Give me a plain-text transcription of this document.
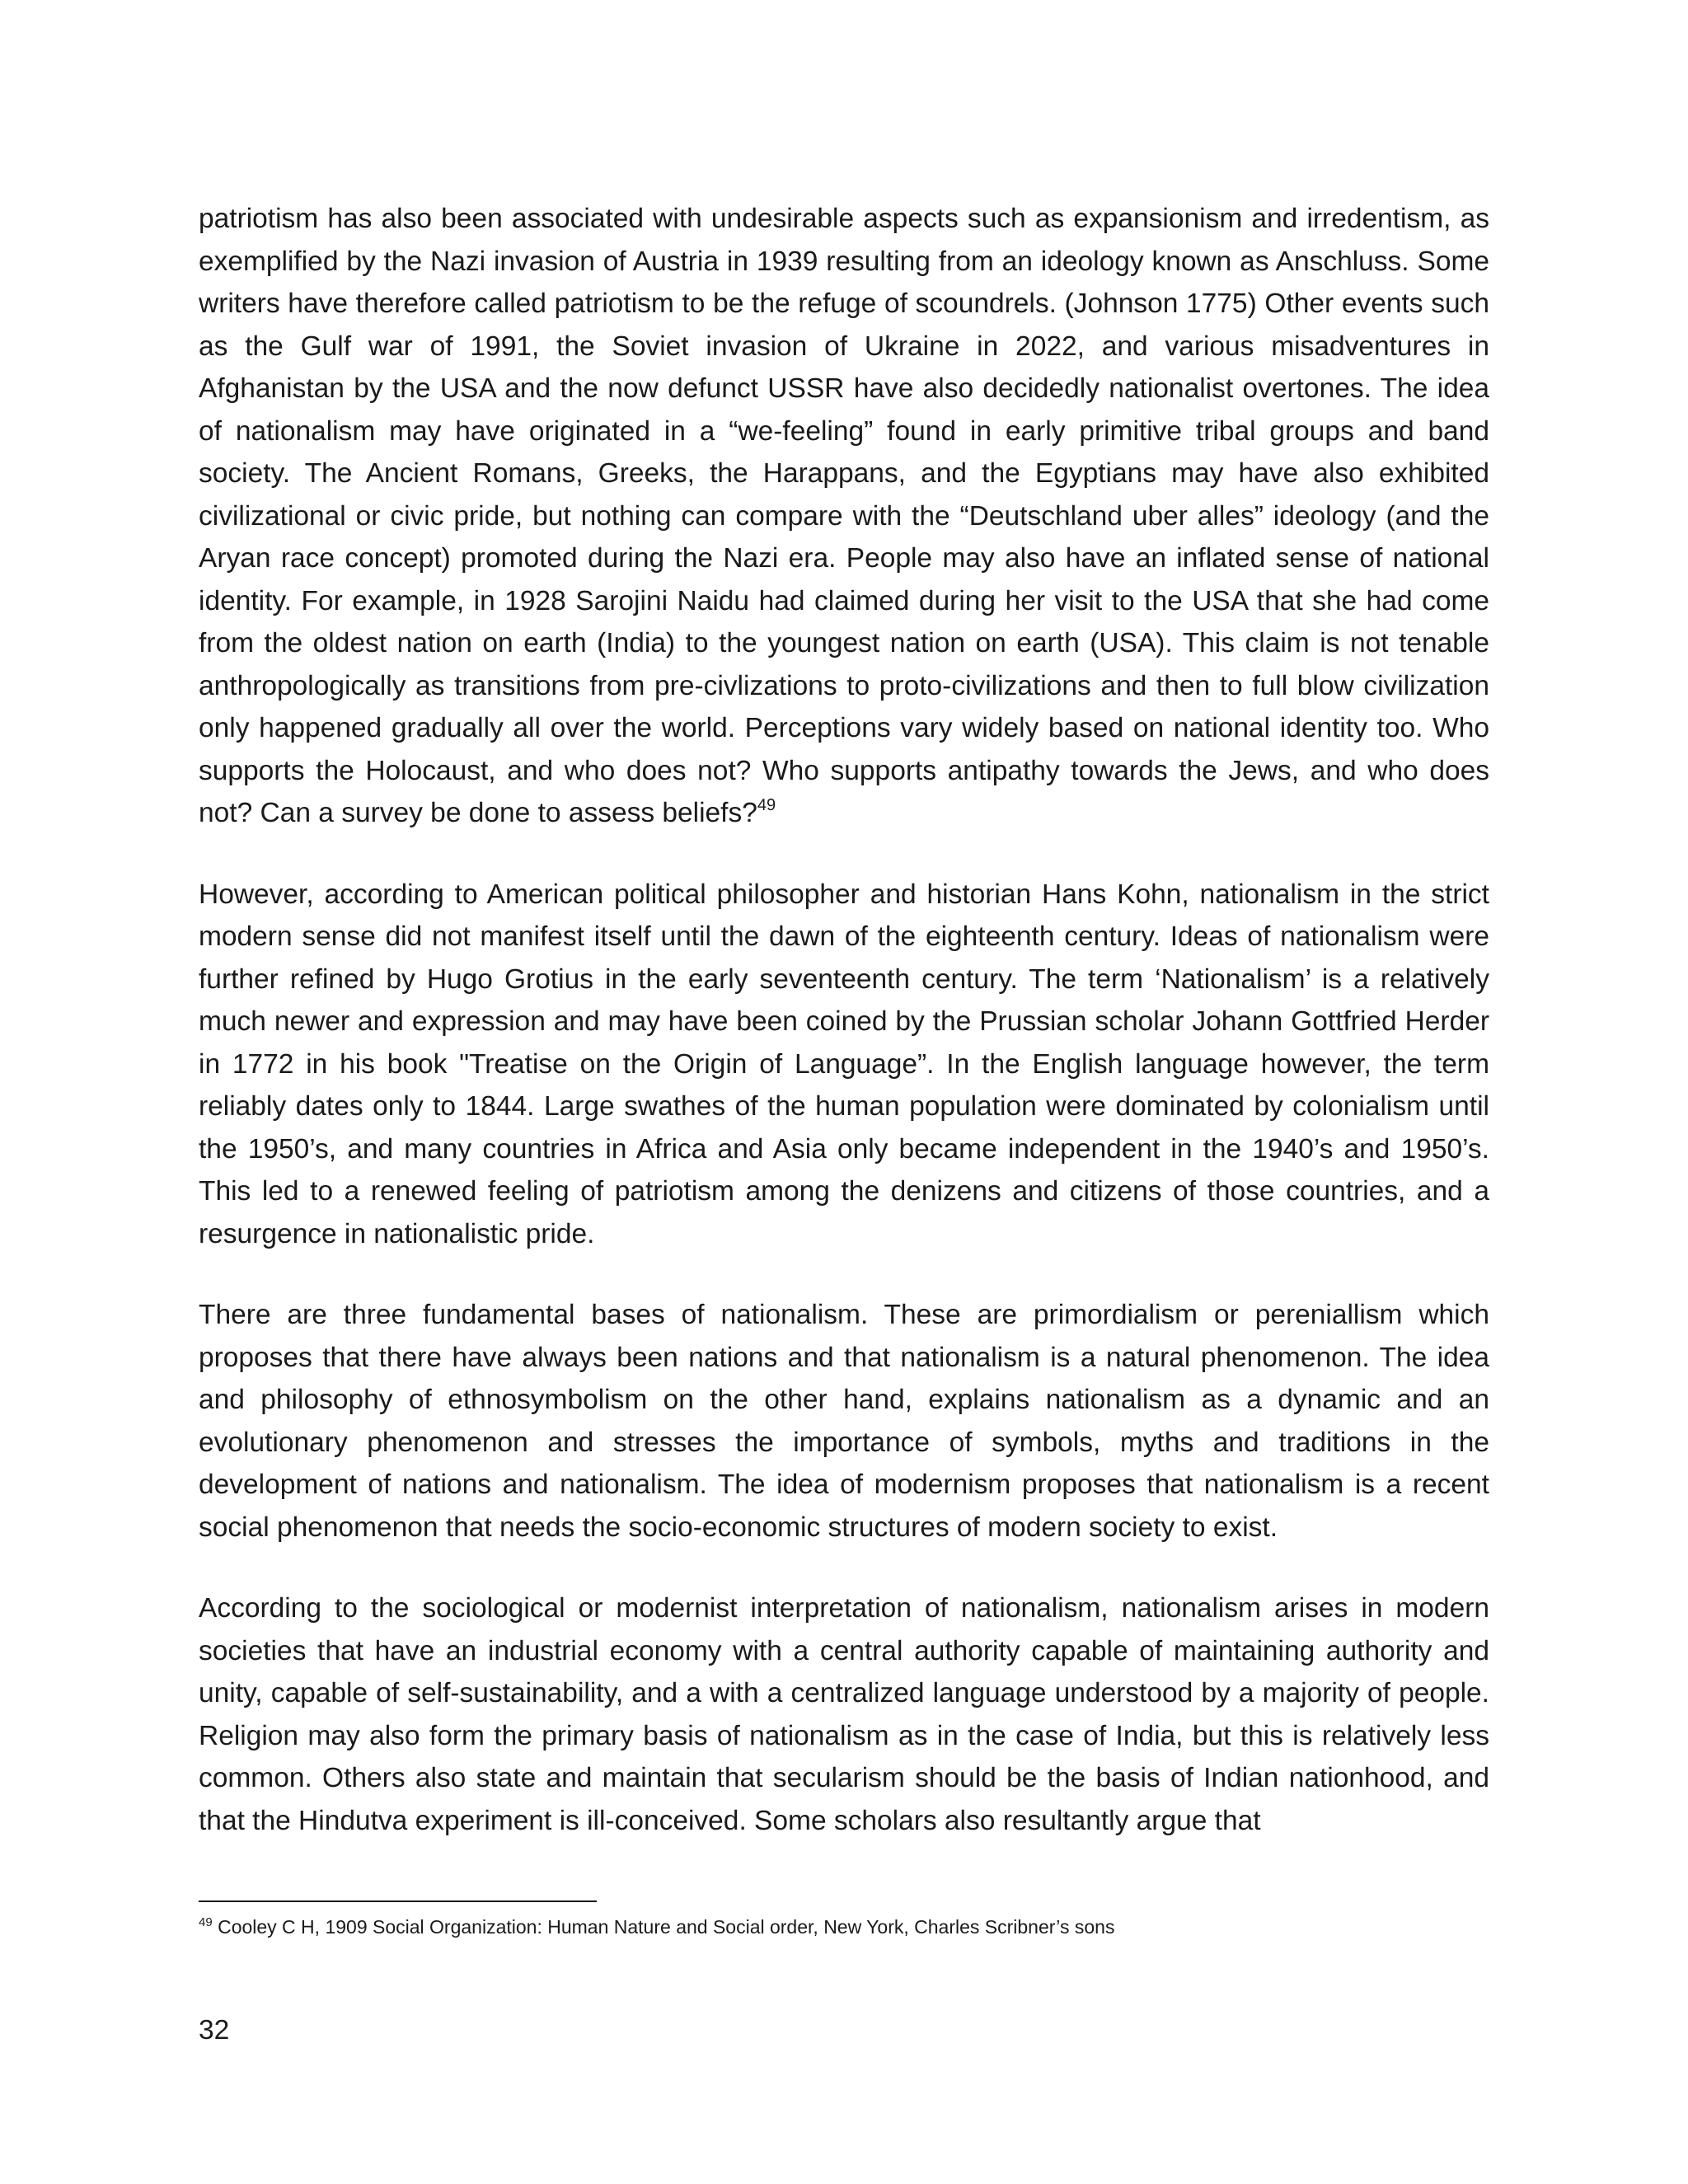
patriotism has also been associated with undesirable aspects such as expansionism and irredentism, as exemplified by the Nazi invasion of Austria in 1939 resulting from an ideology known as Anschluss. Some writers have therefore called patriotism to be the refuge of scoundrels. (Johnson 1775) Other events such as the Gulf war of 1991, the Soviet invasion of Ukraine in 2022, and various misadventures in Afghanistan by the USA and the now defunct USSR have also decidedly nationalist overtones. The idea of nationalism may have originated in a “we-feeling” found in early primitive tribal groups and band society. The Ancient Romans, Greeks, the Harappans, and the Egyptians may have also exhibited civilizational or civic pride, but nothing can compare with the “Deutschland uber alles” ideology (and the Aryan race concept) promoted during the Nazi era. People may also have an inflated sense of national identity. For example, in 1928 Sarojini Naidu had claimed during her visit to the USA that she had come from the oldest nation on earth (India) to the youngest nation on earth (USA). This claim is not tenable anthropologically as transitions from pre-civlizations to proto-civilizations and then to full blow civilization only happened gradually all over the world. Perceptions vary widely based on national identity too. Who supports the Holocaust, and who does not? Who supports antipathy towards the Jews, and who does not? Can a survey be done to assess beliefs?$^{49}$

However, according to American political philosopher and historian Hans Kohn, nationalism in the strict modern sense did not manifest itself until the dawn of the eighteenth century. Ideas of nationalism were further refined by Hugo Grotius in the early seventeenth century. The term ‘Nationalism’ is a relatively much newer and expression and may have been coined by the Prussian scholar Johann Gottfried Herder in 1772 in his book "Treatise on the Origin of Language”. In the English language however, the term reliably dates only to 1844. Large swathes of the human population were dominated by colonialism until the 1950’s, and many countries in Africa and Asia only became independent in the 1940’s and 1950’s. This led to a renewed feeling of patriotism among the denizens and citizens of those countries, and a resurgence in nationalistic pride.

There are three fundamental bases of nationalism. These are primordialism or pereniallism which proposes that there have always been nations and that nationalism is a natural phenomenon. The idea and philosophy of ethnosymbolism on the other hand, explains nationalism as a dynamic and an evolutionary phenomenon and stresses the importance of symbols, myths and traditions in the development of nations and nationalism. The idea of modernism proposes that nationalism is a recent social phenomenon that needs the socio-economic structures of modern society to exist.

According to the sociological or modernist interpretation of nationalism, nationalism arises in modern societies that have an industrial economy with a central authority capable of maintaining authority and unity, capable of self-sustainability, and a with a centralized language understood by a majority of people. Religion may also form the primary basis of nationalism as in the case of India, but this is relatively less common. Others also state and maintain that secularism should be the basis of Indian nationhood, and that the Hindutva experiment is ill-conceived. Some scholars also resultantly argue that

$^{49}$ Cooley C H, 1909 Social Organization: Human Nature and Social order, New York, Charles Scribner’s sons
32
